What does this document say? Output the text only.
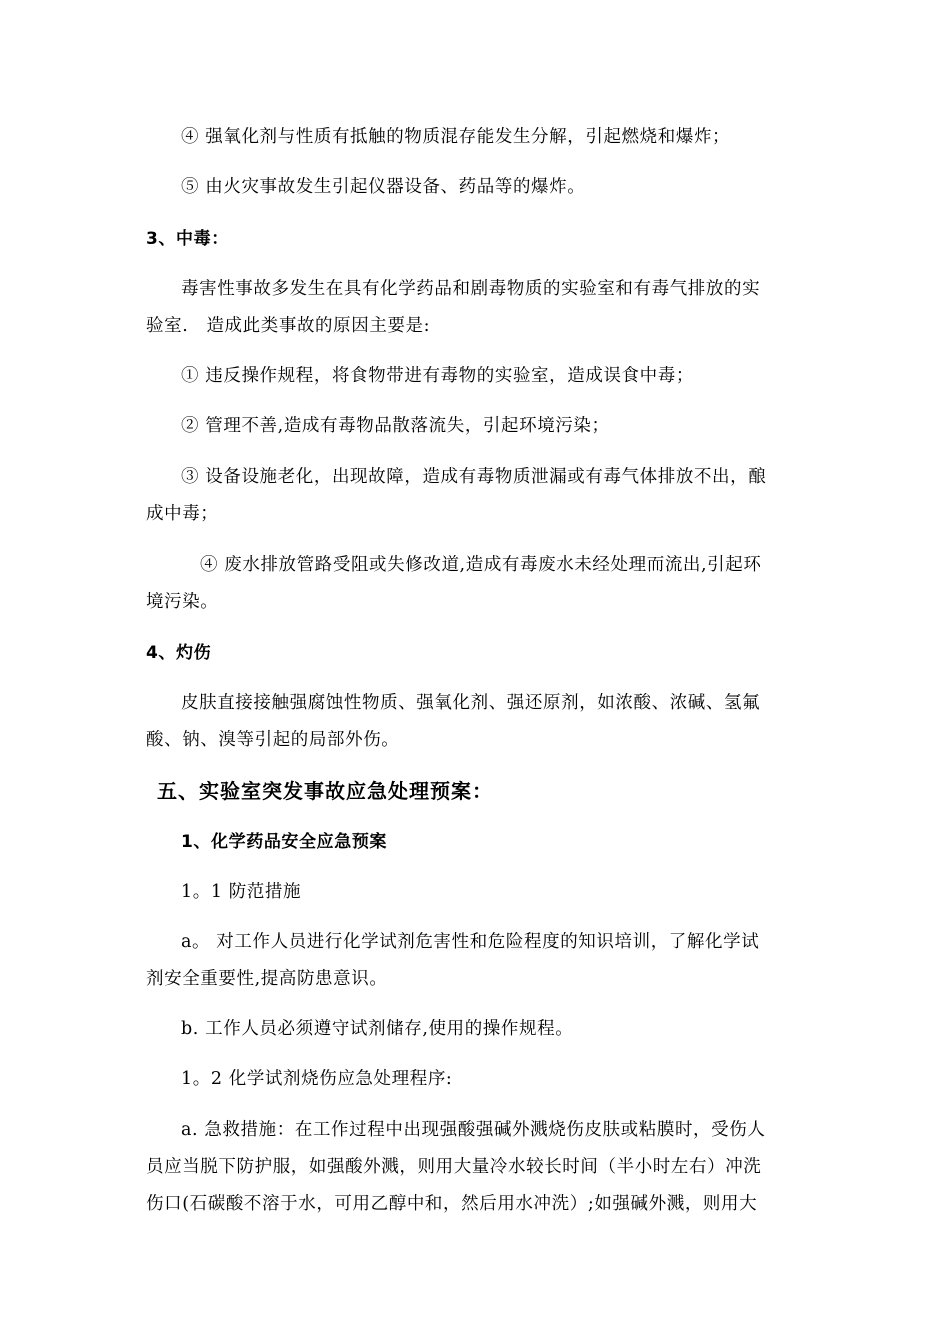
④ 强氧化剂与性质有抵触的物质混存能发生分解，引起燃烧和爆炸；
⑤ 由火灾事故发生引起仪器设备、药品等的爆炸。
3、中毒：
毒害性事故多发生在具有化学药品和剧毒物质的实验室和有毒气排放的实
验室.　造成此类事故的原因主要是:
① 违反操作规程，将食物带进有毒物的实验室，造成误食中毒；
② 管理不善,造成有毒物品散落流失，引起环境污染；
③ 设备设施老化，出现故障，造成有毒物质泄漏或有毒气体排放不出，酿
成中毒；
④ 废水排放管路受阻或失修改道,造成有毒废水未经处理而流出,引起环
境污染。
4、灼伤
皮肤直接接触强腐蚀性物质、强氧化剂、强还原剂，如浓酸、浓碱、氢氟
酸、钠、溴等引起的局部外伤。
五、实验室突发事故应急处理预案：
1、化学药品安全应急预案
1。1 防范措施
a。 对工作人员进行化学试剂危害性和危险程度的知识培训，了解化学试
剂安全重要性,提高防患意识。
b. 工作人员必须遵守试剂储存,使用的操作规程。
1。2 化学试剂烧伤应急处理程序:
a. 急救措施：在工作过程中出现强酸强碱外溅烧伤皮肤或粘膜时，受伤人
员应当脱下防护服，如强酸外溅，则用大量冷水较长时间（半小时左右）冲洗
伤口(石碳酸不溶于水，可用乙醇中和，然后用水冲洗）;如强碱外溅，则用大
